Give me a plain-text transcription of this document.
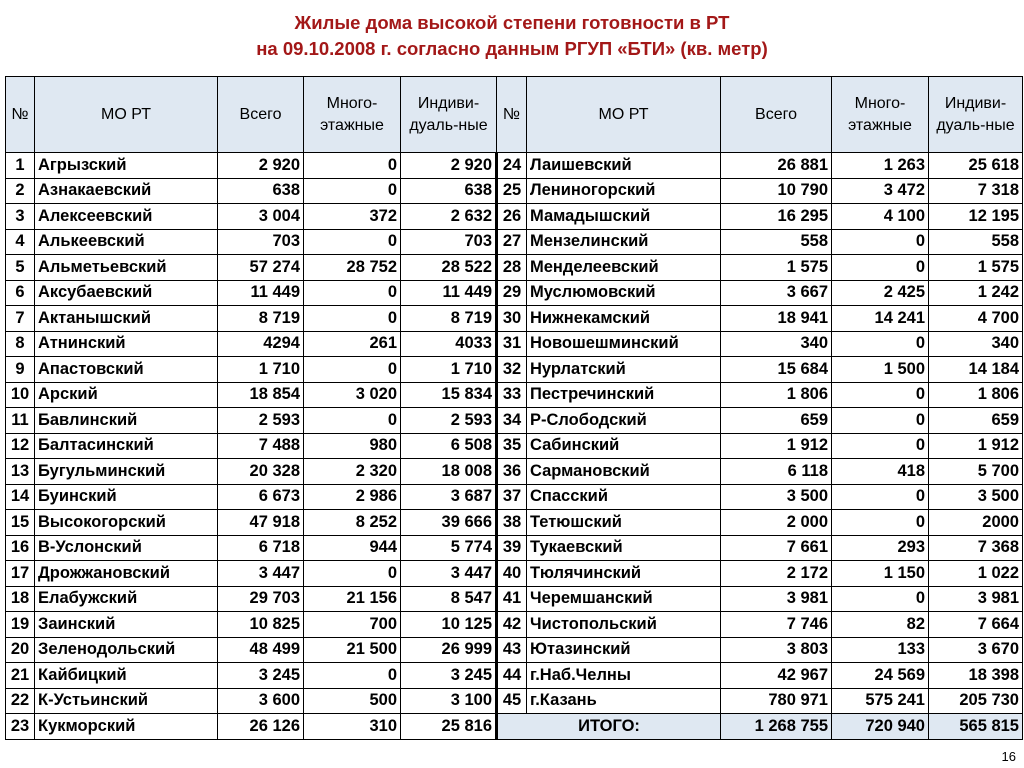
Жилые дома высокой степени готовности в РТ
на 09.10.2008 г. согласно данным РГУП «БТИ» (кв. метр)
№	МО РТ	Всего	Много-этажные	Индиви-дуаль-ные	№	МО РТ	Всего	Много-этажные	Индиви-дуаль-ные
1	Агрызский	2 920	0	2 920	24	Лаишевский	26 881	1 263	25 618
2	Азнакаевский	638	0	638	25	Лениногорский	10 790	3 472	7 318
3	Алексеевский	3 004	372	2 632	26	Мамадышский	16 295	4 100	12 195
4	Алькеевский	703	0	703	27	Мензелинский	558	0	558
5	Альметьевский	57 274	28 752	28 522	28	Менделеевский	1 575	0	1 575
6	Аксубаевский	11 449	0	11 449	29	Муслюмовский	3 667	2 425	1 242
7	Актанышский	8 719	0	8 719	30	Нижнекамский	18 941	14 241	4 700
8	Атнинский	4294	261	4033	31	Новошешминский	340	0	340
9	Апастовский	1 710	0	1 710	32	Нурлатский	15 684	1 500	14 184
10	Арский	18 854	3 020	15 834	33	Пестречинский	1 806	0	1 806
11	Бавлинский	2 593	0	2 593	34	Р-Слободский	659	0	659
12	Балтасинский	7 488	980	6 508	35	Сабинский	1 912	0	1 912
13	Бугульминский	20 328	2 320	18 008	36	Сармановский	6 118	418	5 700
14	Буинский	6 673	2 986	3 687	37	Спасский	3 500	0	3 500
15	Высокогорский	47 918	8 252	39 666	38	Тетюшский	2 000	0	2000
16	В-Услонский	6 718	944	5 774	39	Тукаевский	7 661	293	7 368
17	Дрожжановский	3 447	0	3 447	40	Тюлячинский	2 172	1 150	1 022
18	Елабужский	29 703	21 156	8 547	41	Черемшанский	3 981	0	3 981
19	Заинский	10 825	700	10 125	42	Чистопольский	7 746	82	7 664
20	Зеленодольский	48 499	21 500	26 999	43	Ютазинский	3 803	133	3 670
21	Кайбицкий	3 245	0	3 245	44	г.Наб.Челны	42 967	24 569	18 398
22	К-Устьинский	3 600	500	3 100	45	г.Казань	780 971	575 241	205 730
23	Кукморский	26 126	310	25 816	ИТОГО:		1 268 755	720 940	565 815
16
